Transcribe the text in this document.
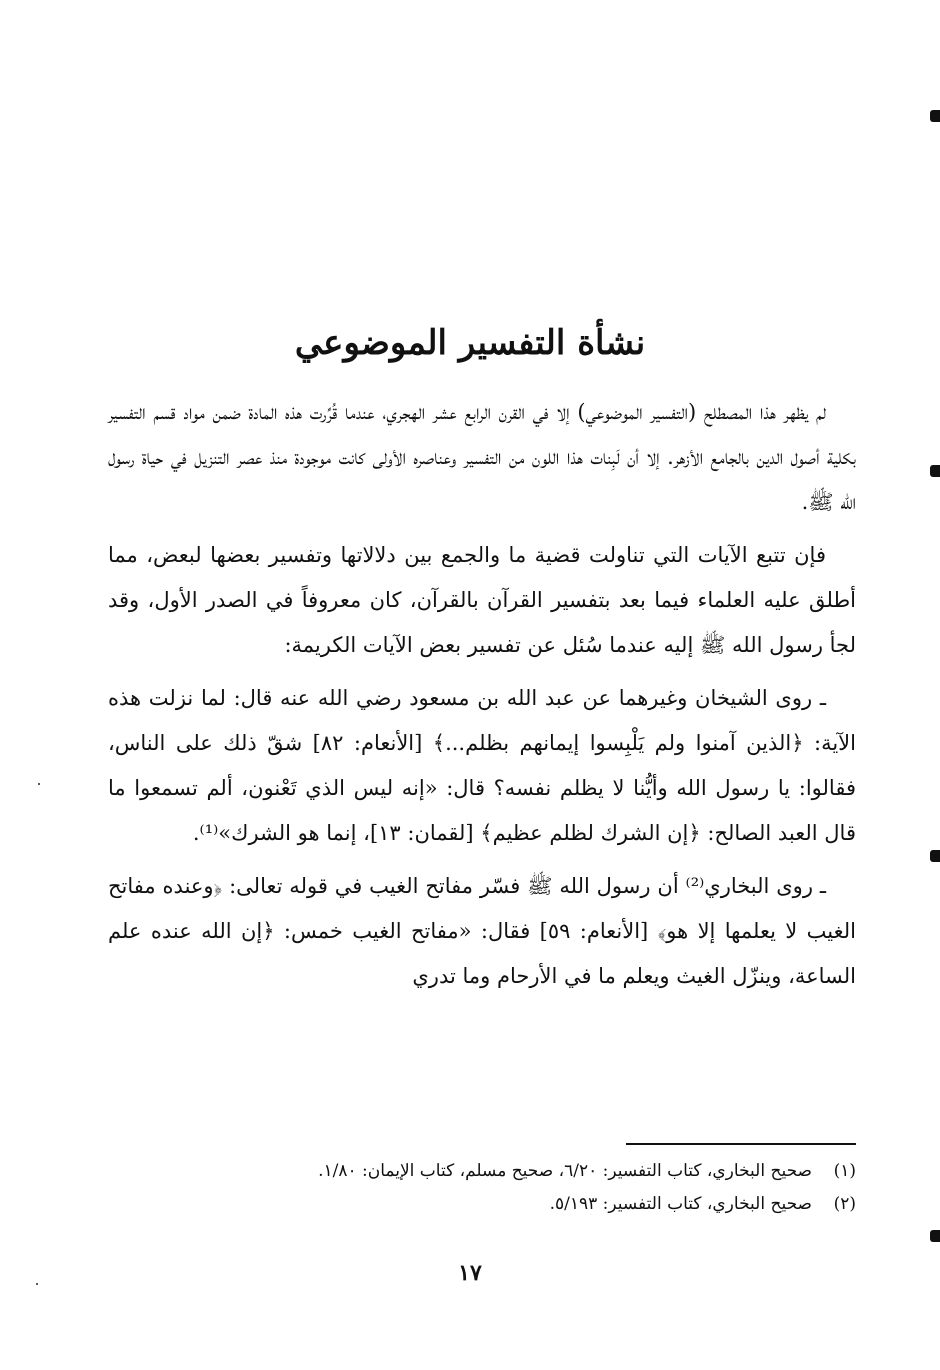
نشأة التفسير الموضوعي

لم يظهر هذا المصطلح (التفسير الموضوعي) إلا في القرن الرابع عشر الهجري، عندما قُرِّرت هذه المادة ضمن مواد قسم التفسير بكلية أصول الدين بالجامع الأزهر. إلا أن لَبِنات هذا اللون من التفسير وعناصره الأولى كانت موجودة منذ عصر التنزيل في حياة رسول الله ﷺ.

فإن تتبع الآيات التي تناولت قضية ما والجمع بين دلالاتها وتفسير بعضها لبعض، مما أطلق عليه العلماء فيما بعد بتفسير القرآن بالقرآن، كان معروفاً في الصدر الأول، وقد لجأ رسول الله ﷺ إليه عندما سُئل عن تفسير بعض الآيات الكريمة:

ـ روى الشيخان وغيرهما عن عبد الله بن مسعود رضي الله عنه قال: لما نزلت هذه الآية: ﴿الذين آمنوا ولم يَلْبِسوا إيمانهم بظلم...﴾ [الأنعام: ٨٢] شقّ ذلك على الناس، فقالوا: يا رسول الله وأيُّنا لا يظلم نفسه؟ قال: «إنه ليس الذي تَعْنون، ألم تسمعوا ما قال العبد الصالح: ﴿إن الشرك لظلم عظيم﴾ [لقمان: ١٣]، إنما هو الشرك»⁽¹⁾.

ـ روى البخاري⁽²⁾ أن رسول الله ﷺ فسّر مفاتح الغيب في قوله تعالى: ﴿وعنده مفاتح الغيب لا يعلمها إلا هو﴾ [الأنعام: ٥٩] فقال: «مفاتح الغيب خمس: ﴿إن الله عنده علم الساعة، وينزّل الغيث ويعلم ما في الأرحام وما تدري

(١)صحيح البخاري، كتاب التفسير: ٦/٢٠، صحيح مسلم، كتاب الإيمان: ١/٨٠.

(٢)صحيح البخاري، كتاب التفسير: ٥/١٩٣.

١٧
